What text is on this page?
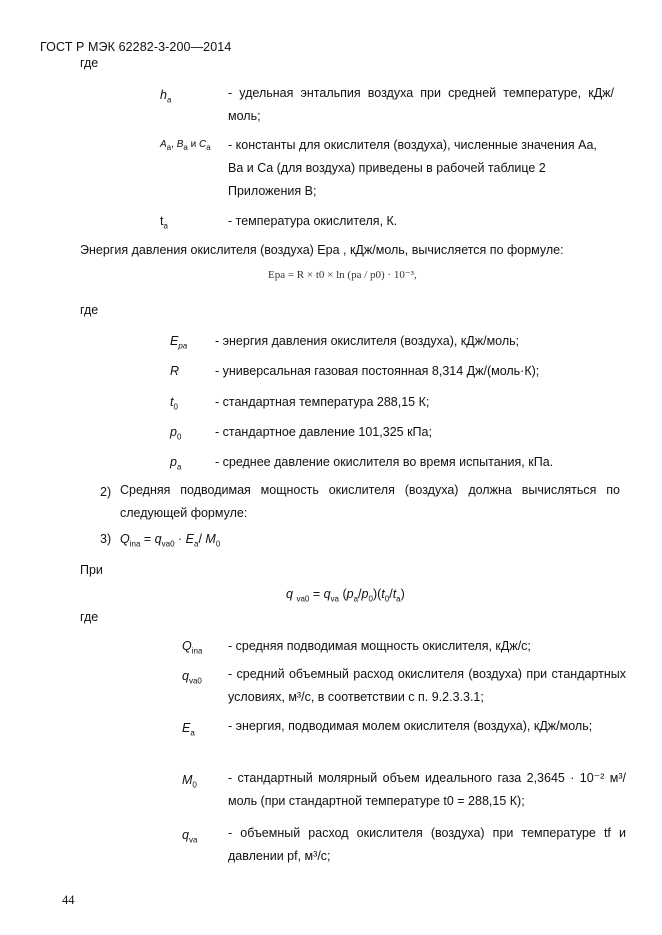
ГОСТ Р МЭК 62282-3-200—2014
где
$h_a$	- удельная энтальпия воздуха при средней температуре, кДж/моль;
$A_a$, $B_a$ и $C_a$ - константы для окислителя (воздуха), численные значения Aa, Ba и Ca (для воздуха) приведены в рабочей таблице 2 Приложения В;
$t_a$	- температура окислителя, К.
Энергия давления окислителя (воздуха) Epa , кДж/моль, вычисляется по формуле:
Epa = R × t0 × ln (pa / p0) · 10⁻³,
где
$E_{pa}$ - энергия давления окислителя (воздуха), кДж/моль;
R	- универсальная газовая постоянная 8,314 Дж/(моль·К);
$t_0$	- стандартная температура 288,15 К;
$p_0$	- стандартное давление 101,325 кПа;
$p_a$	- среднее давление окислителя во время испытания, кПа.
2) Средняя подводимая мощность окислителя (воздуха) должна вычисляться по следующей формуле:
3) $Q_{ina} = q_{va0} \cdot E_a/$ $M_0$
При
q $_{va0} = q_{va}$ $(p_a/p_0)(t_0/t_a)$
где
$Q_{ina}$ - средняя подводимая мощность окислителя, кДж/с;
$q_{va0}$ - средний объемный расход окислителя (воздуха) при стандартных условиях, м³/с, в соответствии с п. 9.2.3.3.1;
$E_a$	- энергия, подводимая молем окислителя (воздуха), кДж/моль;
$M_0$ - стандартный молярный объем идеального газа 2,3645 · 10⁻² м³/моль (при стандартной температуре t0 = 288,15 К);
$q_{va}$ - объемный расход окислителя (воздуха) при температуре tf и давлении pf, м³/с;
44
